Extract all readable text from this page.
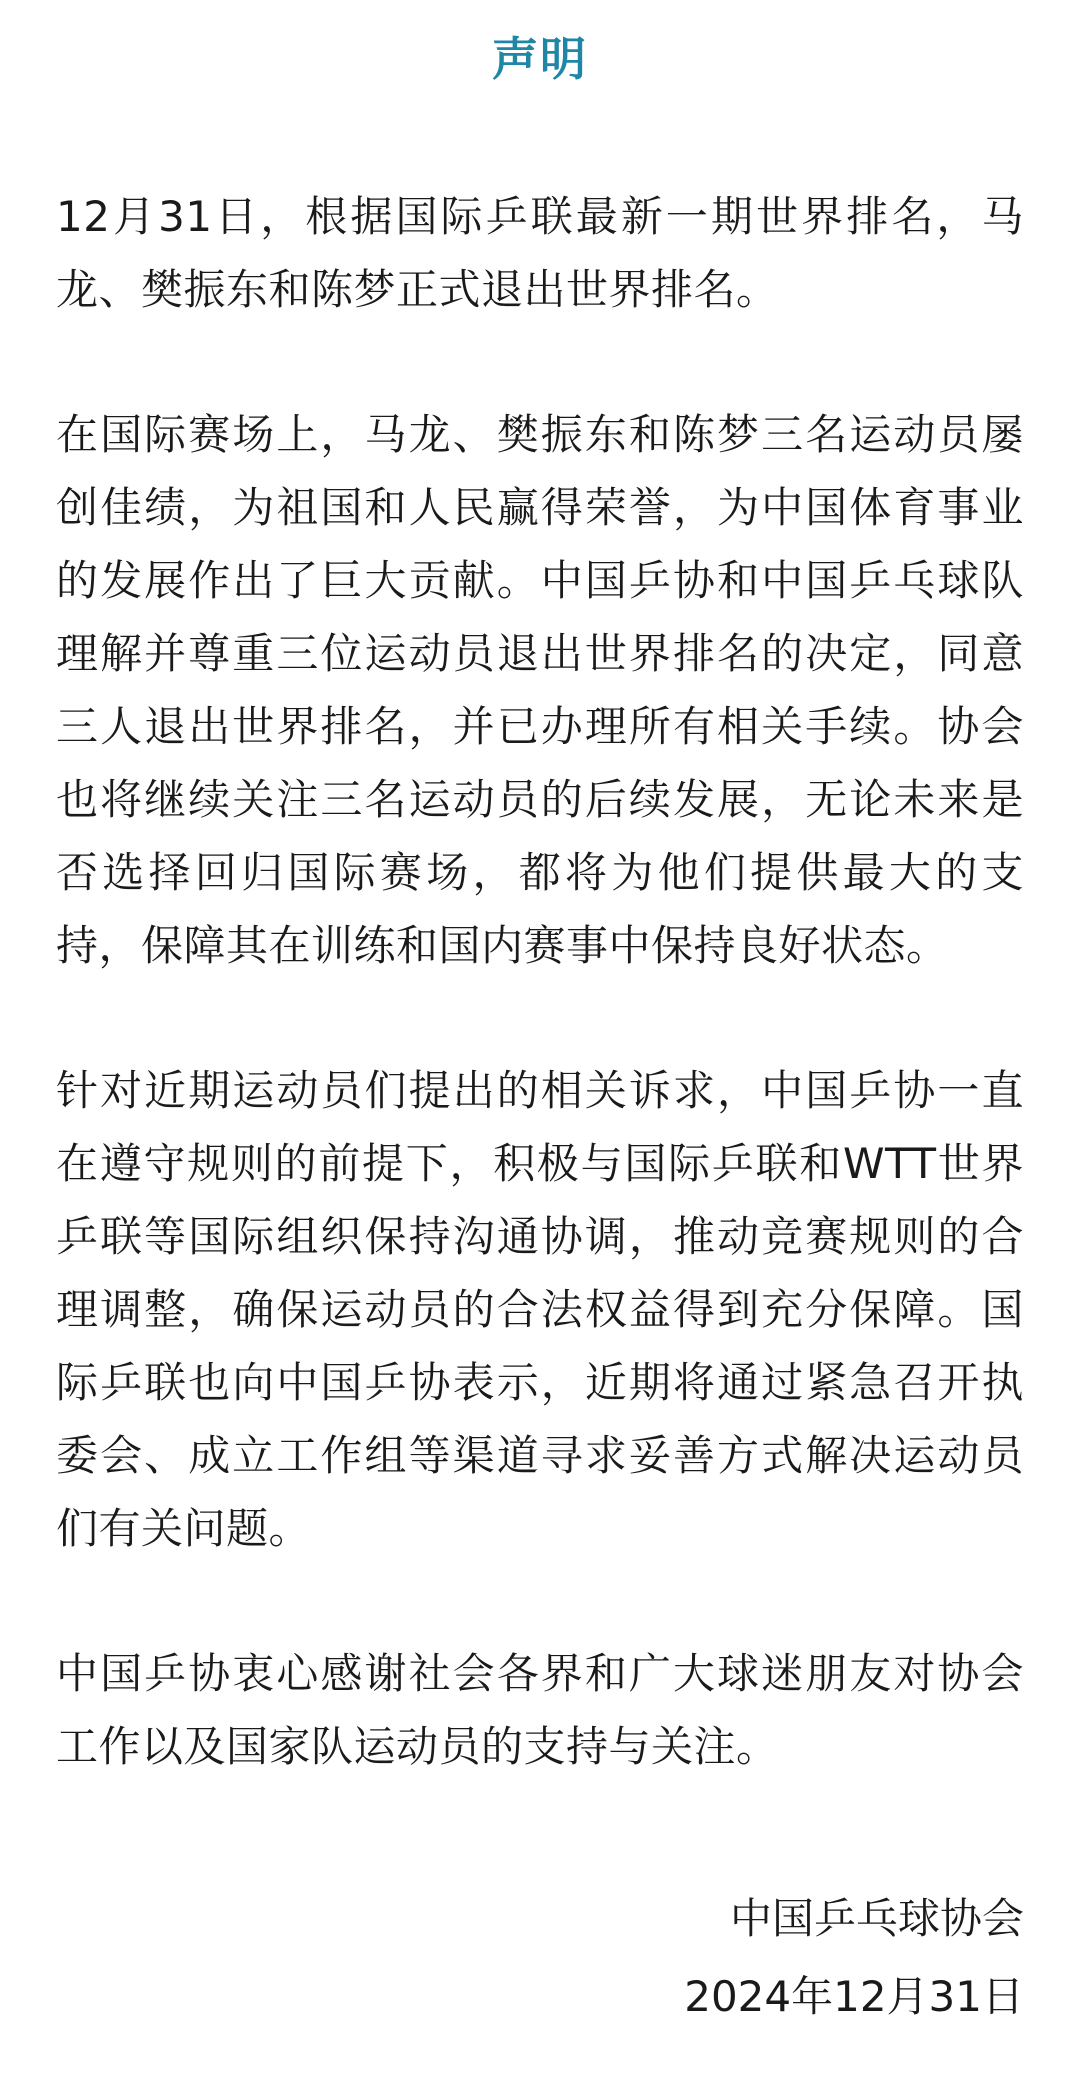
声明

12月31日，根据国际乒联最新一期世界排名，马龙、樊振东和陈梦正式退出世界排名。

在国际赛场上，马龙、樊振东和陈梦三名运动员屡创佳绩，为祖国和人民赢得荣誉，为中国体育事业的发展作出了巨大贡献。中国乒协和中国乒乓球队理解并尊重三位运动员退出世界排名的决定，同意三人退出世界排名，并已办理所有相关手续。协会也将继续关注三名运动员的后续发展，无论未来是否选择回归国际赛场，都将为他们提供最大的支持，保障其在训练和国内赛事中保持良好状态。

针对近期运动员们提出的相关诉求，中国乒协一直在遵守规则的前提下，积极与国际乒联和WTT世界乒联等国际组织保持沟通协调，推动竞赛规则的合理调整，确保运动员的合法权益得到充分保障。国际乒联也向中国乒协表示，近期将通过紧急召开执委会、成立工作组等渠道寻求妥善方式解决运动员们有关问题。

中国乒协衷心感谢社会各界和广大球迷朋友对协会工作以及国家队运动员的支持与关注。

中国乒乓球协会
2024年12月31日
